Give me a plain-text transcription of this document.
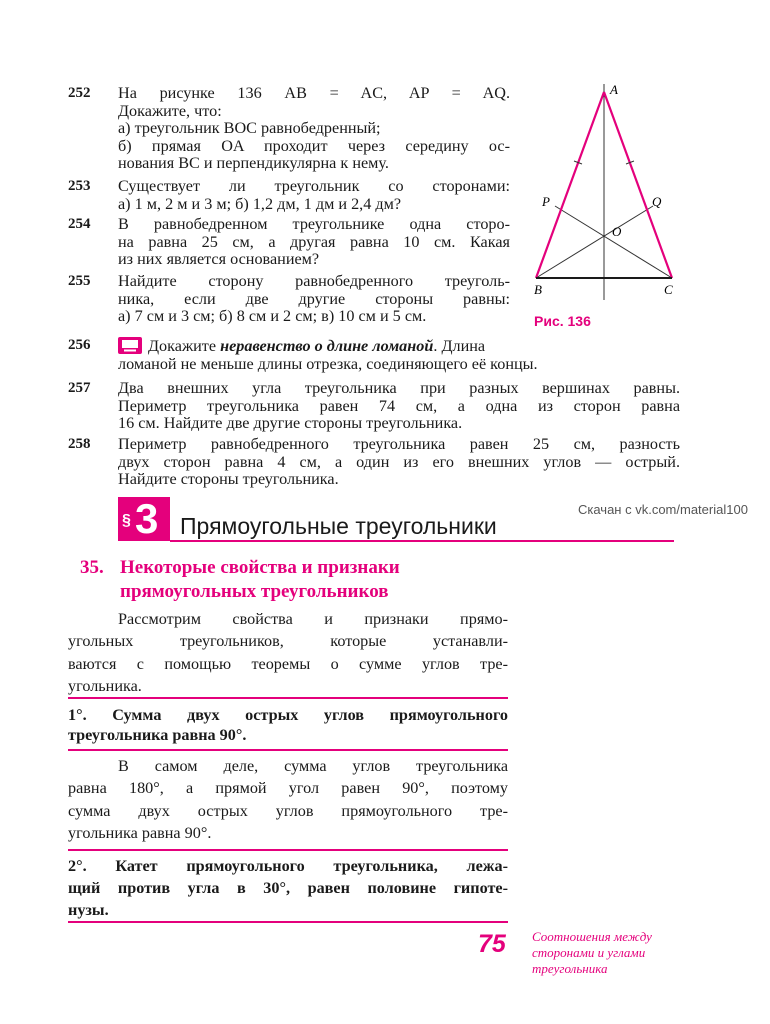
252 На рисунке 136 AB = AC, AP = AQ.
Докажите, что:
а) треугольник BOC равнобедренный;
б) прямая OA проходит через середину ос-
нования BC и перпендикулярна к нему.
253 Существует ли треугольник со сторонами:
а) 1 м, 2 м и 3 м; б) 1,2 дм, 1 дм и 2,4 дм?
254 В равнобедренном треугольнике одна сторо-
на равна 25 см, а другая равна 10 см. Какая
из них является основанием?
255 Найдите сторону равнобедренного треуголь-
ника, если две другие стороны равны:
а) 7 см и 3 см; б) 8 см и 2 см; в) 10 см и 5 см.
A
B	C
P	Q
O
Рис. 136
256	Докажите неравенство о длине ломаной. Длина
ломаной не меньше длины отрезка, соединяющего её концы.
257 Два внешних угла треугольника при разных вершинах равны.
Периметр треугольника равен 74 см, а одна из сторон равна
16 см. Найдите две другие стороны треугольника.
258 Периметр равнобедренного треугольника равен 25 см, разность
двух сторон равна 4 см, а один из его внешних углов — острый.
Найдите стороны треугольника.
Скачан с vk.com/material100
§ 3 Прямоугольные треугольники
35. Некоторые свойства и признаки
прямоугольных треугольников
Рассмотрим свойства и признаки прямо-
угольных треугольников, которые устанавли-
ваются с помощью теоремы о сумме углов тре-
угольника.
1°. Сумма двух острых углов прямоугольного
треугольника равна 90°.
В самом деле, сумма углов треугольника
равна 180°, а прямой угол равен 90°, поэтому
сумма двух острых углов прямоугольного тре-
угольника равна 90°.
2°. Катет прямоугольного треугольника, лежа-
щий против угла в 30°, равен половине гипоте-
нузы.
75 Соотношения между
сторонами и углами
треугольника
